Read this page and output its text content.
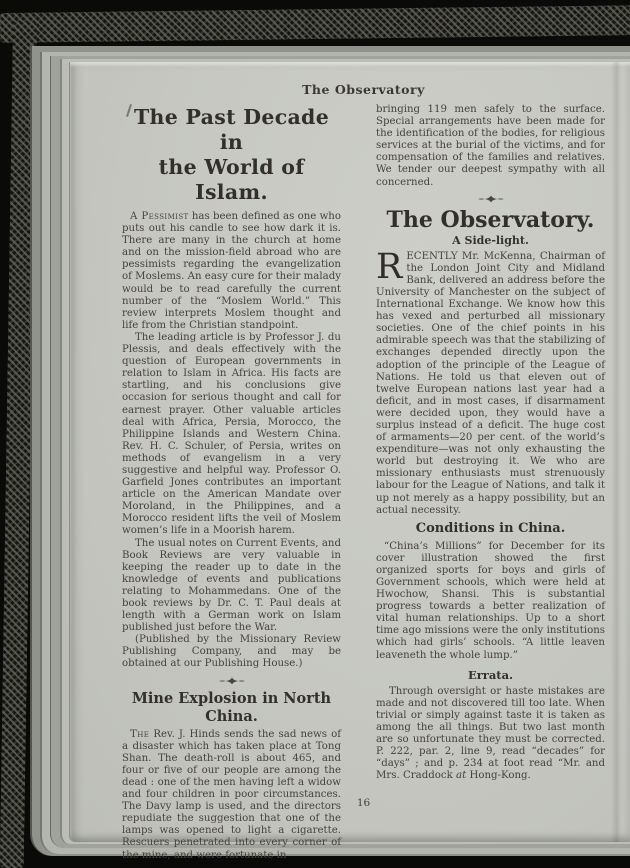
The Observatory
The Past Decade in
the World of Islam.

A Pessimist has been defined as one who puts out his candle to see how dark it is. There are many in the church at home and on the mission-field abroad who are pessimists regarding the evangelization of Moslems. An easy cure for their malady would be to read carefully the current number of the “Moslem World.” This review interprets Moslem thought and life from the Christian standpoint.

The leading article is by Professor J. du Plessis, and deals effectively with the question of European governments in relation to Islam in Africa. His facts are startling, and his conclusions give occasion for serious thought and call for earnest prayer. Other valuable articles deal with Africa, Persia, Morocco, the Philippine Islands and Western China. Rev. H. C. Schuler, of Persia, writes on methods of evangelism in a very suggestive and helpful way. Professor O. Garfield Jones contributes an important article on the American Mandate over Moroland, in the Philippines, and a Morocco resident lifts the veil of Moslem women’s life in a Moorish harem.

The usual notes on Current Events, and Book Reviews are very valuable in keeping the reader up to date in the knowledge of events and publications relating to Mohammedans. One of the book reviews by Dr. C. T. Paul deals at length with a German work on Islam published just before the War.

(Published by the Missionary Review Publishing Company, and may be obtained at our Publishing House.)

Mine Explosion in North China.

The Rev. J. Hinds sends the sad news of a disaster which has taken place at Tong Shan. The death-roll is about 465, and four or five of our people are among the dead : one of the men having left a widow and four children in poor circumstances. The Davy lamp is used, and the directors repudiate the suggestion that one of the lamps was opened to light a cigarette. Rescuers penetrated into every corner of the mine, and were fortunate in

bringing 119 men safely to the surface. Special arrangements have been made for the identification of the bodies, for religious services at the burial of the victims, and for compensation of the families and relatives. We tender our deepest sympathy with all concerned.

The Observatory.
A Side-light.

RECENTLY Mr. McKenna, Chairman of the London Joint City and Midland Bank, delivered an address before the University of Manchester on the subject of International Exchange. We know how this has vexed and perturbed all missionary societies. One of the chief points in his admirable speech was that the stabilizing of exchanges depended directly upon the adoption of the principle of the League of Nations. He told us that eleven out of twelve European nations last year had a deficit, and in most cases, if disarmament were decided upon, they would have a surplus instead of a deficit. The huge cost of armaments—20 per cent. of the world’s expenditure—was not only exhausting the world but destroying it. We who are missionary enthusiasts must strenuously labour for the League of Nations, and talk it up not merely as a happy possibility, but an actual necessity.

Conditions in China.

“China’s Millions” for December for its cover illustration showed the first organized sports for boys and girls of Government schools, which were held at Hwochow, Shansi. This is substantial progress towards a better realization of vital human relationships. Up to a short time ago missions were the only institutions which had girls’ schools. “A little leaven leaveneth the whole lump.”

Errata.

Through oversight or haste mistakes are made and not discovered till too late. When trivial or simply against taste it is taken as among the all things. But two last month are so unfortunate they must be corrected. P. 222, par. 2, line 9, read “decades” for “days” ; and p. 234 at foot read “Mr. and Mrs. Craddock at Hong-Kong.

16
